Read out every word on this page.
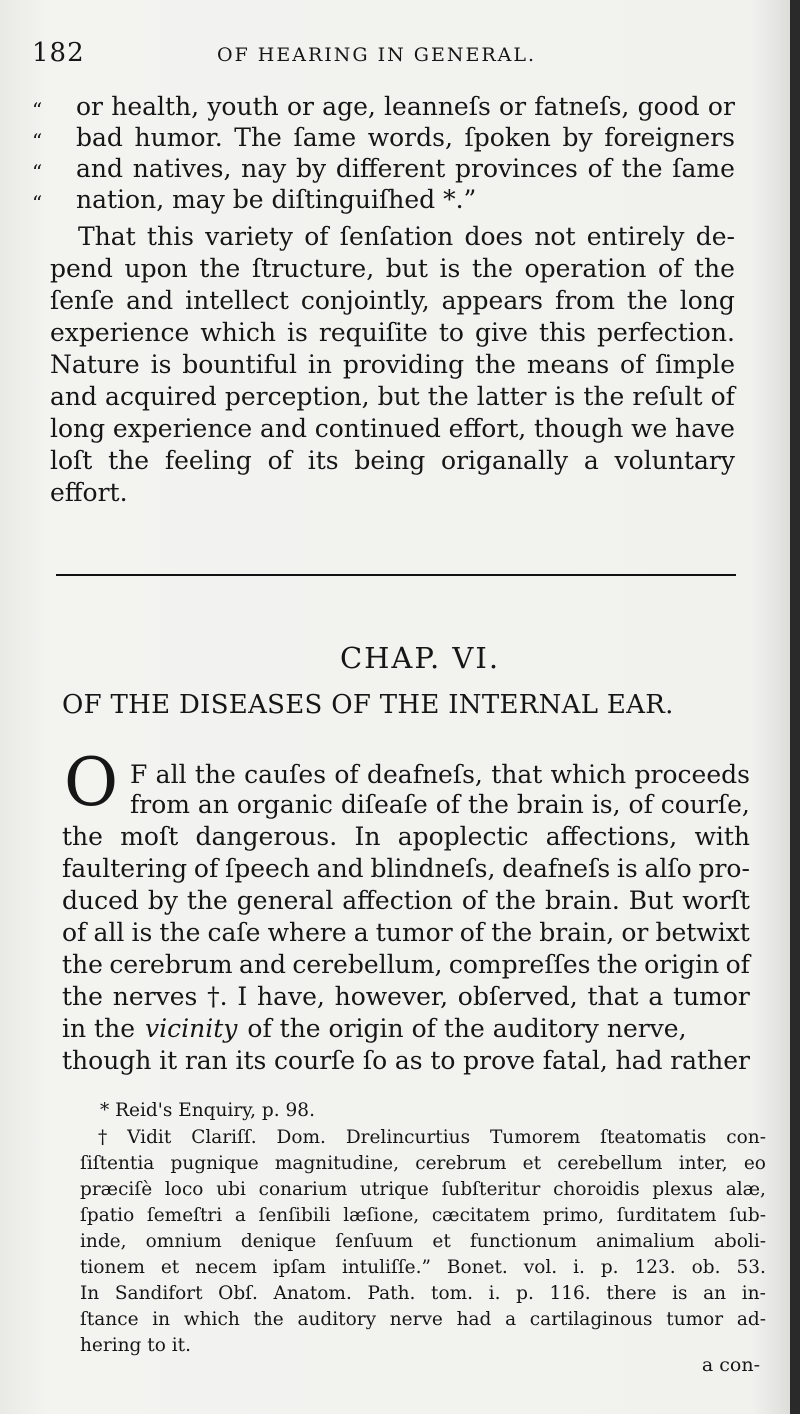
182	OF HEARING IN GENERAL.
“ or health, youth or age, leanneſs or fatneſs, good or
“ bad humor. The ſame words, ſpoken by foreigners
“ and natives, nay by different provinces of the ſame
“ nation, may be diſtinguiſhed *.”
That this variety of ſenſation does not entirely de-
pend upon the ſtructure, but is the operation of the
ſenſe and intellect conjointly, appears from the long
experience which is requiſite to give this perfection.
Nature is bountiful in providing the means of ſimple
and acquired perception, but the latter is the reſult of
long experience and continued effort, though we have
loſt the feeling of its being origanally a voluntary
effort.
CHAP. VI.
OF THE DISEASES OF THE INTERNAL EAR.
O F all the cauſes of deafneſs, that which proceeds
from an organic diſeaſe of the brain is, of courſe,
the moſt dangerous. In apoplectic affections, with
faultering of ſpeech and blindneſs, deafneſs is alſo pro-
duced by the general affection of the brain. But worſt
of all is the caſe where a tumor of the brain, or betwixt
the cerebrum and cerebellum, compreſſes the origin of
the nerves †. I have, however, obſerved, that a tumor
in the vicinity of the origin of the auditory nerve,
though it ran its courſe ſo as to prove fatal, had rather
* Reid's Enquiry, p. 98.
† Vidit Clariſſ. Dom. Drelincurtius Tumorem ſteatomatis con-
ſiſtentia pugnique magnitudine, cerebrum et cerebellum inter, eo
præciſè loco ubi conarium utrique ſubſteritur choroidis plexus alæ,
ſpatio ſemeſtri a ſenſibili læſione, cæcitatem primo, ſurditatem ſub-
inde, omnium denique ſenſuum et functionum animalium aboli-
tionem et necem ipſam intuliſſe.” Bonet. vol. i. p. 123. ob. 53.
In Sandifort Obſ. Anatom. Path. tom. i. p. 116. there is an in-
ſtance in which the auditory nerve had a cartilaginous tumor ad-
hering to it.
a con-
